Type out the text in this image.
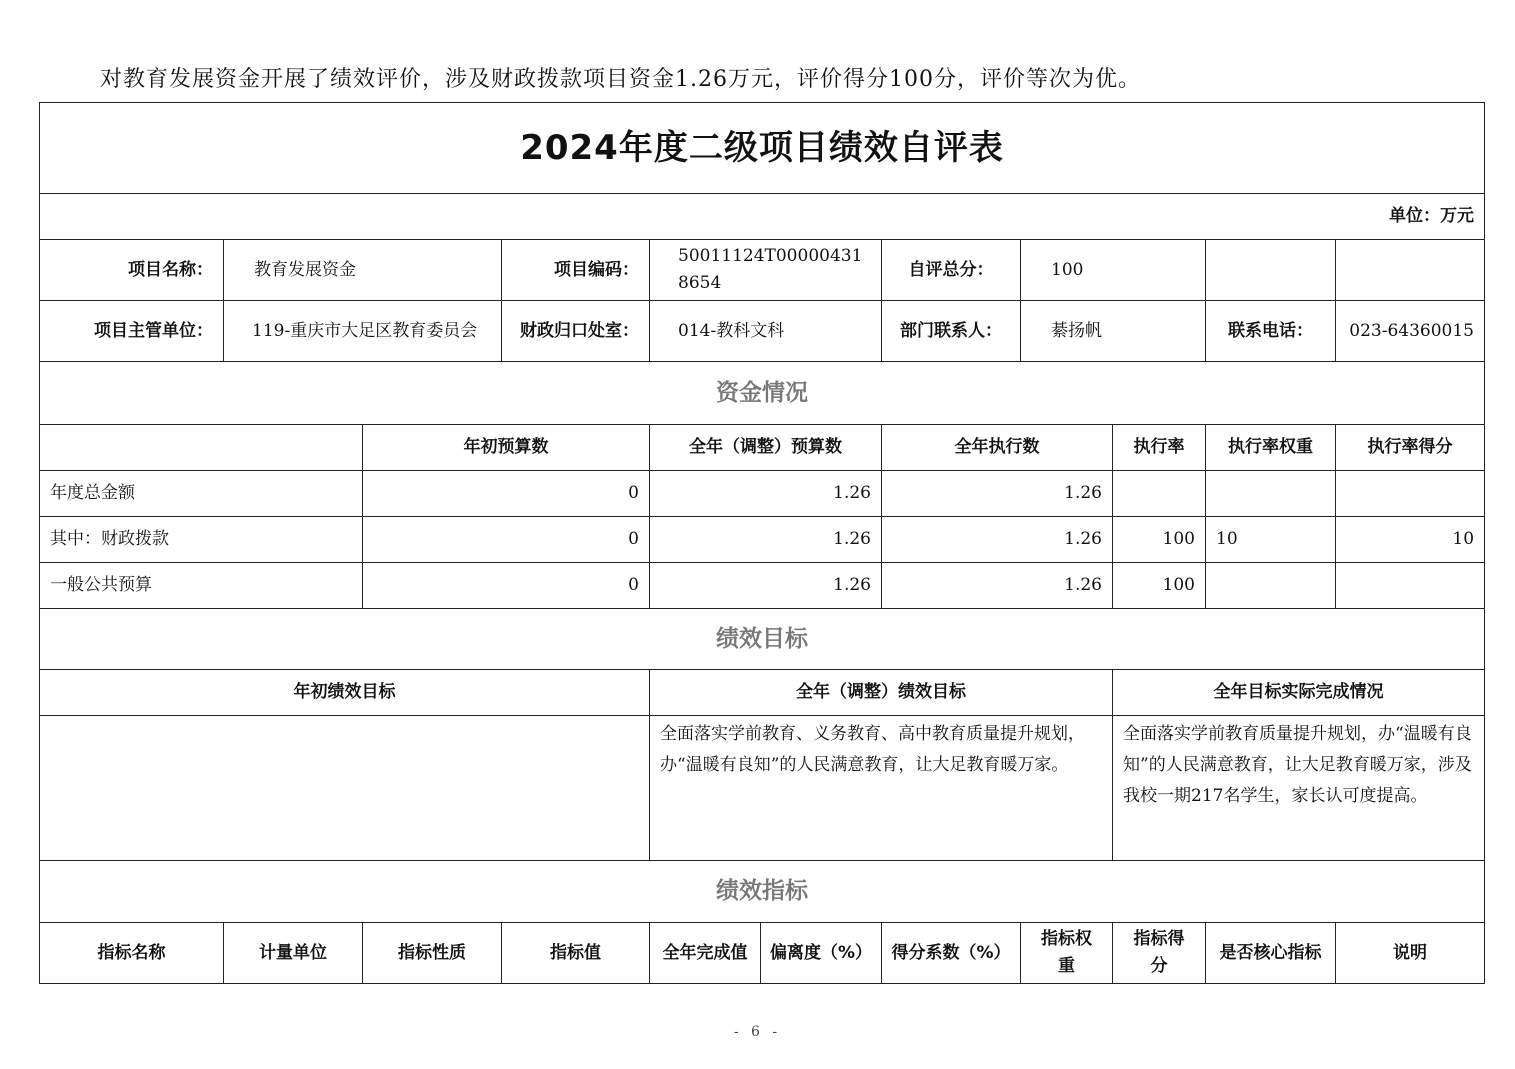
对教育发展资金开展了绩效评价，涉及财政拨款项目资金1.26万元，评价得分100分，评价等次为优。
2024年度二级项目绩效自评表										
单位：万元										
项目名称：	教育发展资金		项目编码：	50011124T000004318654		自评总分：	100			
项目主管单位：	119-重庆市大足区教育委员会		财政归口处室：	014-教科文科		部门联系人：	綦扬帆		联系电话：	023-64360015
资金情况										
		年初预算数		全年（调整）预算数		全年执行数		执行率	执行率权重	执行率得分
年度总金额		0		1.26		1.26				
其中：财政拨款		0		1.26		1.26		100	10	10
一般公共预算		0		1.26		1.26		100		
绩效目标										
年初绩效目标				全年（调整）绩效目标				全年目标实际完成情况		
				全面落实学前教育、义务教育、高中教育质量提升规划，办“温暖有良知”的人民满意教育，让大足教育暖万家。				全面落实学前教育质量提升规划，办“温暖有良知”的人民满意教育，让大足教育暖万家，涉及我校一期217名学生，家长认可度提高。		
绩效指标										
指标名称	计量单位	指标性质	指标值	全年完成值	偏离度（%）	得分系数（%）	指标权重	指标得分	是否核心指标	说明
- 6 -
